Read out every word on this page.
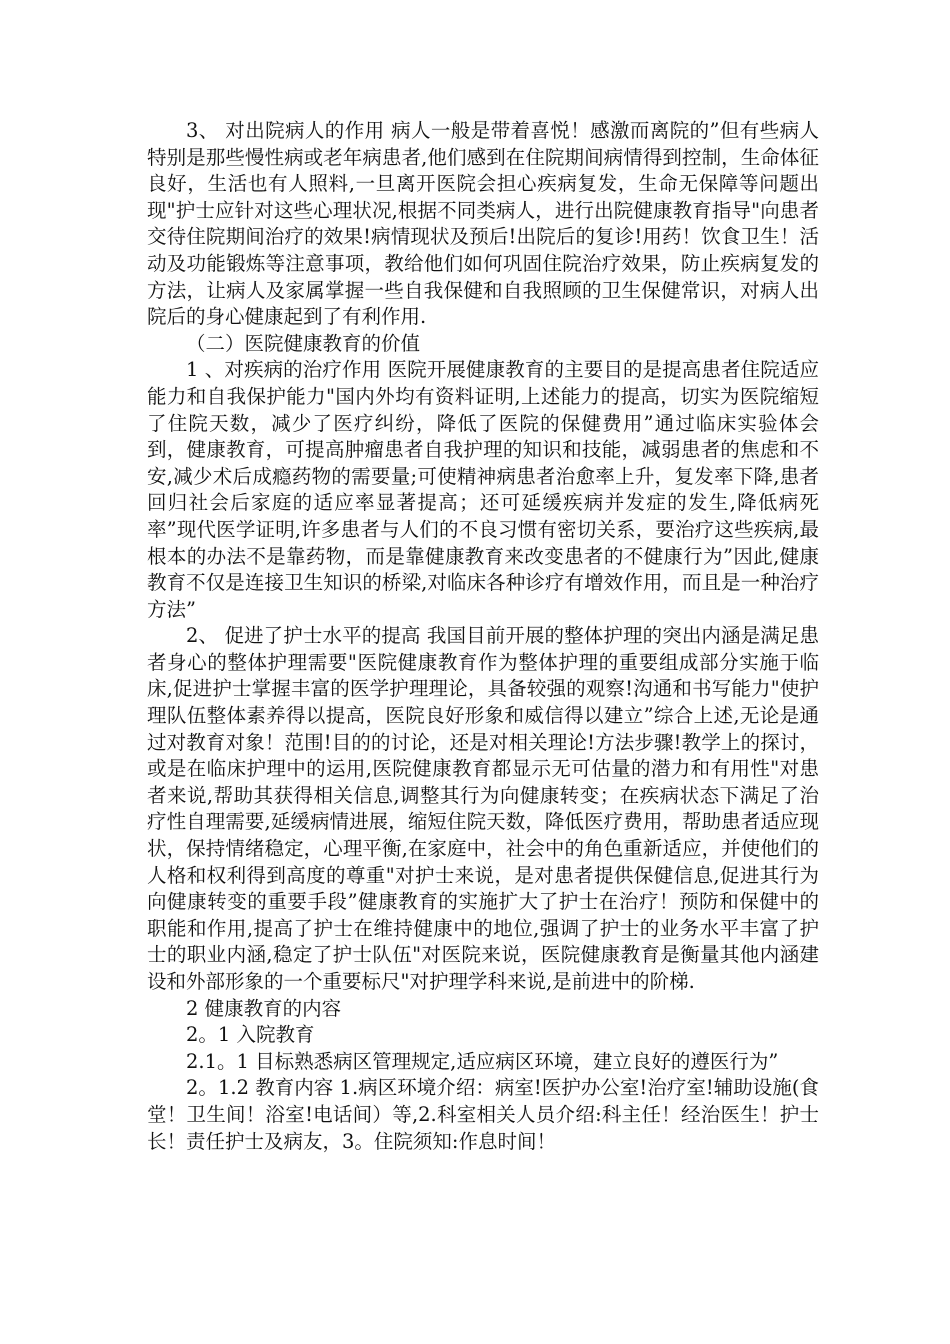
3、 对出院病人的作用 病人一般是带着喜悦！感激而离院的”但有些病人特别是那些慢性病或老年病患者,他们感到在住院期间病情得到控制，生命体征良好，生活也有人照料,一旦离开医院会担心疾病复发，生命无保障等问题出现"护士应针对这些心理状况,根据不同类病人，进行出院健康教育指导"向患者交待住院期间治疗的效果!病情现状及预后!出院后的复诊!用药！饮食卫生！活动及功能锻炼等注意事项，教给他们如何巩固住院治疗效果，防止疾病复发的方法，让病人及家属掌握一些自我保健和自我照顾的卫生保健常识，对病人出院后的身心健康起到了有利作用.

（二）医院健康教育的价值

1 、对疾病的治疗作用 医院开展健康教育的主要目的是提高患者住院适应能力和自我保护能力"国内外均有资料证明,上述能力的提高，切实为医院缩短了住院天数，减少了医疗纠纷，降低了医院的保健费用”通过临床实验体会到，健康教育，可提高肿瘤患者自我护理的知识和技能，减弱患者的焦虑和不安,减少术后成瘾药物的需要量;可使精神病患者治愈率上升，复发率下降,患者回归社会后家庭的适应率显著提高；还可延缓疾病并发症的发生,降低病死率”现代医学证明,许多患者与人们的不良习惯有密切关系，要治疗这些疾病,最根本的办法不是靠药物，而是靠健康教育来改变患者的不健康行为”因此,健康教育不仅是连接卫生知识的桥梁,对临床各种诊疗有增效作用，而且是一种治疗方法”

2、 促进了护士水平的提高 我国目前开展的整体护理的突出内涵是满足患者身心的整体护理需要"医院健康教育作为整体护理的重要组成部分实施于临床,促进护士掌握丰富的医学护理理论，具备较强的观察!沟通和书写能力"使护理队伍整体素养得以提高，医院良好形象和威信得以建立”综合上述,无论是通过对教育对象！范围!目的的讨论，还是对相关理论!方法步骤!教学上的探讨，或是在临床护理中的运用,医院健康教育都显示无可估量的潜力和有用性"对患者来说,帮助其获得相关信息,调整其行为向健康转变；在疾病状态下满足了治疗性自理需要,延缓病情进展，缩短住院天数，降低医疗费用，帮助患者适应现状，保持情绪稳定，心理平衡,在家庭中，社会中的角色重新适应，并使他们的人格和权利得到高度的尊重"对护士来说，是对患者提供保健信息,促进其行为向健康转变的重要手段”健康教育的实施扩大了护士在治疗！预防和保健中的职能和作用,提高了护士在维持健康中的地位,强调了护士的业务水平丰富了护士的职业内涵,稳定了护士队伍"对医院来说，医院健康教育是衡量其他内涵建设和外部形象的一个重要标尺"对护理学科来说,是前进中的阶梯.

2 健康教育的内容

2。1 入院教育

2.1。1 目标熟悉病区管理规定,适应病区环境，建立良好的遵医行为”

2。1.2 教育内容 1.病区环境介绍：病室!医护办公室!治疗室!辅助设施(食堂！卫生间！浴室!电话间）等,2.科室相关人员介绍:科主任！经治医生！护士长！责任护士及病友，3。住院须知:作息时间！
